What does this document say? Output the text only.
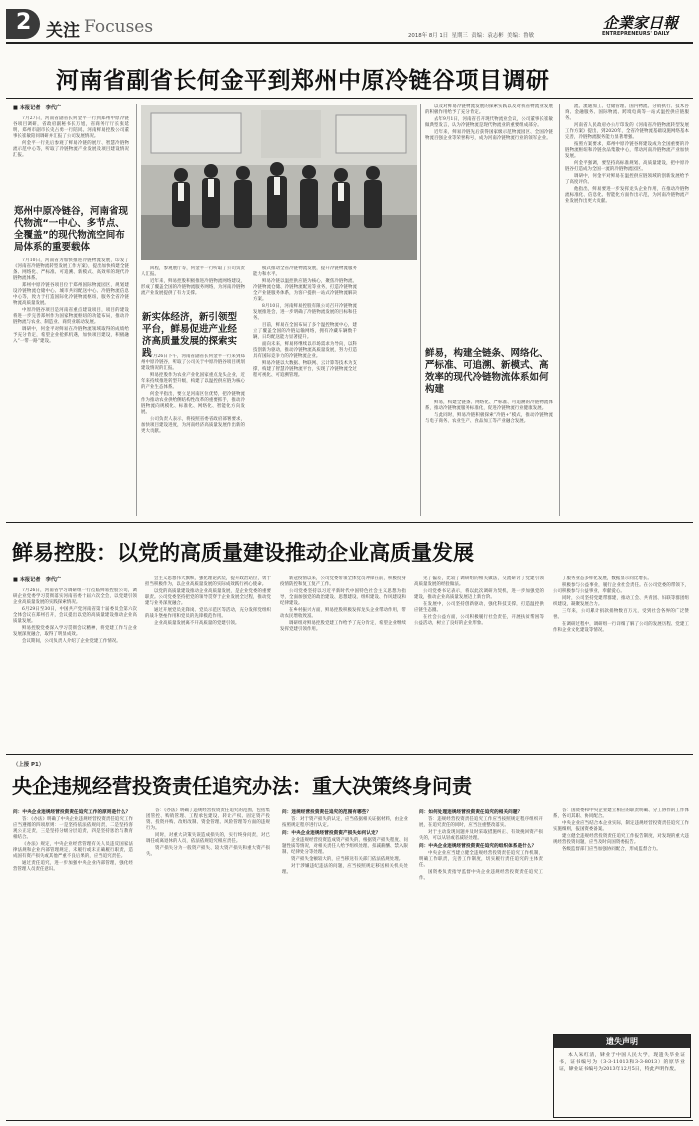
2 关注 Focuses	2018年 8月 1日 星期三 责编：袁志彬 美编：鲁敏
企業家日報
ENTREPRENEURS' DAILY
河南省副省长何金平到郑州中原冷链谷项目调研
■ 本报记者　李代广

7月27日，河南省副省长何金平一行到郑州中原冷链谷项目调研，省政府副秘书长万旭，省商务厅厅长张延明，郑州市副市长史占勇一行陪同。河南鲜易控股公司董事长崔敏陪同调研并汇报了公司发展情况。

何金平一行先后参观了鲜易冷链的展厅、智慧冷链物流示范中心等，听取了冷链物流产业发展及项目建设情况汇报。

郑州中原冷链谷，河南省现代物流“一中心、多节点、全覆盖”的现代物流空间布局体系的重要载体

7月10日，河南省为加快推进冷链物流发展，印发了《河南省冷链物流转型发展工作方案》，提出加快构建全链条、网络化、严标准、可追溯、新模式、高效率的现代冷链物流体系。

郑州中原冷链谷项目位于郑州国际物流园区，规划建设冷链物流仓储中心、城市共同配送中心、冷链物流信息中心等，致力于打造国际化冷链物流枢纽，服务全省冷链物流高质量发展。

中原冷链谷项目是河南省重点建设项目，项目的建设将进一步完善郑州作为国家物流枢纽的功能布局，推动冷链物流与农业、制造业、商贸业联动发展。

调研中，何金平对鲜易在冷链物流领域取得的成绩给予充分肯定，希望企业抢抓机遇，加快项目建设，积极融入“一带一路”建设。

回程，参观展厅等，何金平一行听取了公司负责人汇报。

近年来，鲜易控股积极推进冷链物流网络建设，形成了覆盖全国的冷链物流服务网络，为河南冷链物流产业发展提供了有力支撑。

新实体经济，新引领型平台，鲜易促进产业经济高质量发展的探索实践

7月26日下午，河南省副省长何金平一行来到郑州中原冷链谷，听取了公司关于中原冷链谷项目规划建设情况的汇报。

鲜易控股作为农业产业化国家重点龙头企业，近年来持续推进转型升级，构建了以温控供应链为核心的产业生态体系。

何金平指出，要立足河南区位优势，把冷链物流作为推动农业供给侧结构性改革的重要抓手，推动冷链物流向规模化、标准化、网络化、智能化方向发展。

公司负责人表示，将按照省委省政府部署要求，加快项目建设进度，为河南经济高质量发展作出新的更大贡献。

模式推动全省冷链物流发展，提升冷链物流服务能力和水平。

鲜易冷链以温控供应链为核心，聚焦冷链物流、冷链物流仓储、冷链物流配送等业务，打造冷链物流全产业链服务体系，为客户提供一站式冷链物流解决方案。

8月10日，河南鲜易控股有限公司召开冷链物流发展推进会，进一步明确了冷链物流发展的目标和任务。

目前，鲜易在全国布局了多个温控物流中心，建立了覆盖全国的冷链运输网络，拥有冷藏车辆数千辆，日均配送能力显著提升。

面向未来，鲜易将继续以市场需求为导向，以科技创新为驱动，推动冷链物流高质量发展，努力打造具有国际竞争力的冷链物流企业。

鲜易冷链以大数据、物联网、云计算等技术为支撑，构建了智慧冷链物流平台，实现了冷链物流全过程可视化、可追溯管理。

以及对鲜易冷链物流发展的探索实践以及对我省物流业发展的积极作用给予了充分肯定。

去年9月1日，河南省召开现代物流业会议，公司董事长崔敏做典型发言，认为冷链物流是现代物流业的重要组成部分。

近年来，鲜易冷链先后获得国家级示范物流园区、全国冷链物流百强企业等荣誉称号，成为河南冷链物流行业的领军企业。

鲜易，构建全链条、网络化、严标准、可追溯、新模式、高效率的现代冷链物流体系如何构建

鲜易，构建全链条、网络化、严标准、可追溯的冷链物流体系，推动冷链物流服务标准化，促进冷链物流行业健康发展。

与此同时，鲜易冷链积极探索“冷链+”模式，推动冷链物流与电子商务、农业生产、食品加工等产业融合发展。

流、流通加工、仓储管理、国内物流、分销执行、技术咨询、金融服务、国际物流、跨境电商等一站式温控供应链服务。

河南省人民政府办公厅印发的《河南省冷链物流转型发展工作方案》提出，到2020年，全省冷链物流基础设施网络基本完善，冷链物流服务能力显著增强。

按照方案要求，郑州中原冷链谷将建设成为全国重要的冷链物流枢纽和冷链食品集散中心，带动河南冷链物流产业加快发展。

何金平强调，要坚持高标准规划、高质量建设，把中原冷链谷打造成为全国一流的冷链物流园区。

调研中，何金平对鲜易在温控供应链领域的创新发展给予了高度评价。

他指出，鲜易要进一步发挥龙头企业作用，在推动冷链物流标准化、信息化、智能化方面作出示范，为河南冷链物流产业发展作出更大贡献。

鲜易控股：以党的高质量建设推动企业高质量发展
■ 本报记者　李代广

7月26日，河南省学习调研组一行莅临鲜易控股公司，调研企业党委学习贯彻落实河南省委十届六次全会，以党建引领企业高质量发展的实践探索情况。

6月29日至30日，中国共产党河南省第十届委员会第六次全体会议在郑州召开，会议提出以党的高质量建设推动企业高质量发展。

鲜易控股党委深入学习贯彻会议精神，将党建工作与企业发展深度融合，取得了明显成效。

会议期间，公司负责人介绍了企业党建工作情况。

会主义思想伟大旗帜，强化理论武装，提升政治站位，勇于担当积极作为，以企业高质量发展的实际成效践行初心使命。

以党的高质量建设推动企业高质量发展，是企业党委的重要职责。公司党委坚持把党的领导贯穿于企业发展全过程，推动党建与业务深度融合。

通过开展党员先锋岗、党员示范区等活动，充分发挥党组织的战斗堡垒作用和党员的先锋模范作用。

企业高质量发展离不开高质量的党建引领。

新冠疫情以来，公司党委带领全体党员冲锋在前，积极投身疫情防控和复工复产工作。

公司党委坚持以习近平新时代中国特色社会主义思想为指导，全面加强党的政治建设、思想建设、组织建设、作风建设和纪律建设。

在乡村振兴方面，鲜易控股积极发挥龙头企业带动作用，带动农民增收致富。

调研组对鲜易控股党建工作给予了充分肯定，希望企业继续发挥党建引领作用。

见了偏差，比较了调研组的相关做法，交流研讨了党建引领高质量发展的经验做法。

公司党委书记表示，将以此次调研为契机，进一步加强党的建设，推动企业高质量发展迈上新台阶。

在发展中，公司坚持创新驱动，强化科技支撑，打造温控供应链生态圈。

在社会公益方面，公司积极履行社会责任，开展扶贫帮困等公益活动，树立了良好的企业形象。

了服务业态多样化发展，数据显示同比增长。

积极参与公益事业，履行企业社会责任。在公司党委的带领下，公司积极参与公益事业，奉献爱心。

同时，公司坚持党建带群建，推动工会、共青团、妇联等群团组织建设，凝聚发展合力。

三年来，公司累计捐款捐物数百万元，受到社会各界的广泛赞誉。

在调研过程中，调研组一行详细了解了公司的发展历程、党建工作和企业文化建设等情况。

（上接 P1）
央企违规经营投资责任追究办法：重大决策终身问责

问：中央企业违规经营投资责任追究工作的原则是什么？

答：《办法》明确了中央企业违规经营投资责任追究工作应当遵循的四项原则：一是坚持依法依规问责，二是坚持客观公正定责，三是坚持分级分层追责，四是坚持惩治与教育相结合。

《办法》规定，中央企业经营管理有关人员违反国家法律法规和企业内部管理规定，未履行或未正确履行职责，造成国有资产损失或其他严重不良后果的，应当追究责任。

通过责任追究，进一步加强中央企业内部管理，强化经营管理人员责任意识。

答：《办法》明确了违规经营投资责任追究的范围，包括集团管控、购销管理、工程承包建设、转让产权、固定资产投资、投资并购、改组改制、资金管理、风险管理等方面的违规行为。

同时，对重大决策失误造成损失的，实行终身问责，对已调任或离退休的人员，依法依规追究相应责任。

资产损失分为一般资产损失、较大资产损失和重大资产损失。

问：违规经营投资责任追究的范围有哪些？

答：对于资产损失的认定，应当依据相关证据材料，由企业按照规定程序进行认定。

问：中央企业违规经营投资资产损失如何认定？

企业违规经营投资造成资产损失的，根据资产损失程度、问题性质等情况，对相关责任人给予组织处理、扣减薪酬、禁入限制、纪律处分等处理。

资产损失金额较大的，应当移送有关部门依法依规处理。

对于涉嫌违纪违法的问题，应当按照规定移送相关机关处理。

问：如何处理违规经营投资责任追究的相关问题？

答：违规经营投资责任追究工作应当按照规定程序组织开展，在追究责任的同时，应当注重整改落实。

对于主动发现问题并及时采取措施纠正、有效挽回资产损失的，可以从轻或者减轻处理。

问：中央企业违规经营投资责任追究的组织体系是什么？

中央企业应当建立健全违规经营投资责任追究工作机制，明确工作职责，完善工作制度，切实履行责任追究的主体责任。

国资委负责指导监督中央企业违规经营投资责任追究工作。

答：国资委和中央企业建立相应的职责明确、分工协作的工作体系，各司其职、协同配合。

中央企业应当结合本企业实际，制定违规经营投资责任追究工作实施细则，报国资委备案。

建立健全违规经营投资责任追究工作报告制度，对发现的重大违规经营投资问题，应当及时向国资委报告。

各级监督部门应当加强协同配合，形成监督合力。

遗失声明
本人朱红清，肄业于中国人民大学，现遗失毕业证书，证书编号为（3-3-11013和3-3-8013）的原毕业证，肄业证书编号为2013年12月5日，特此声明作废。
